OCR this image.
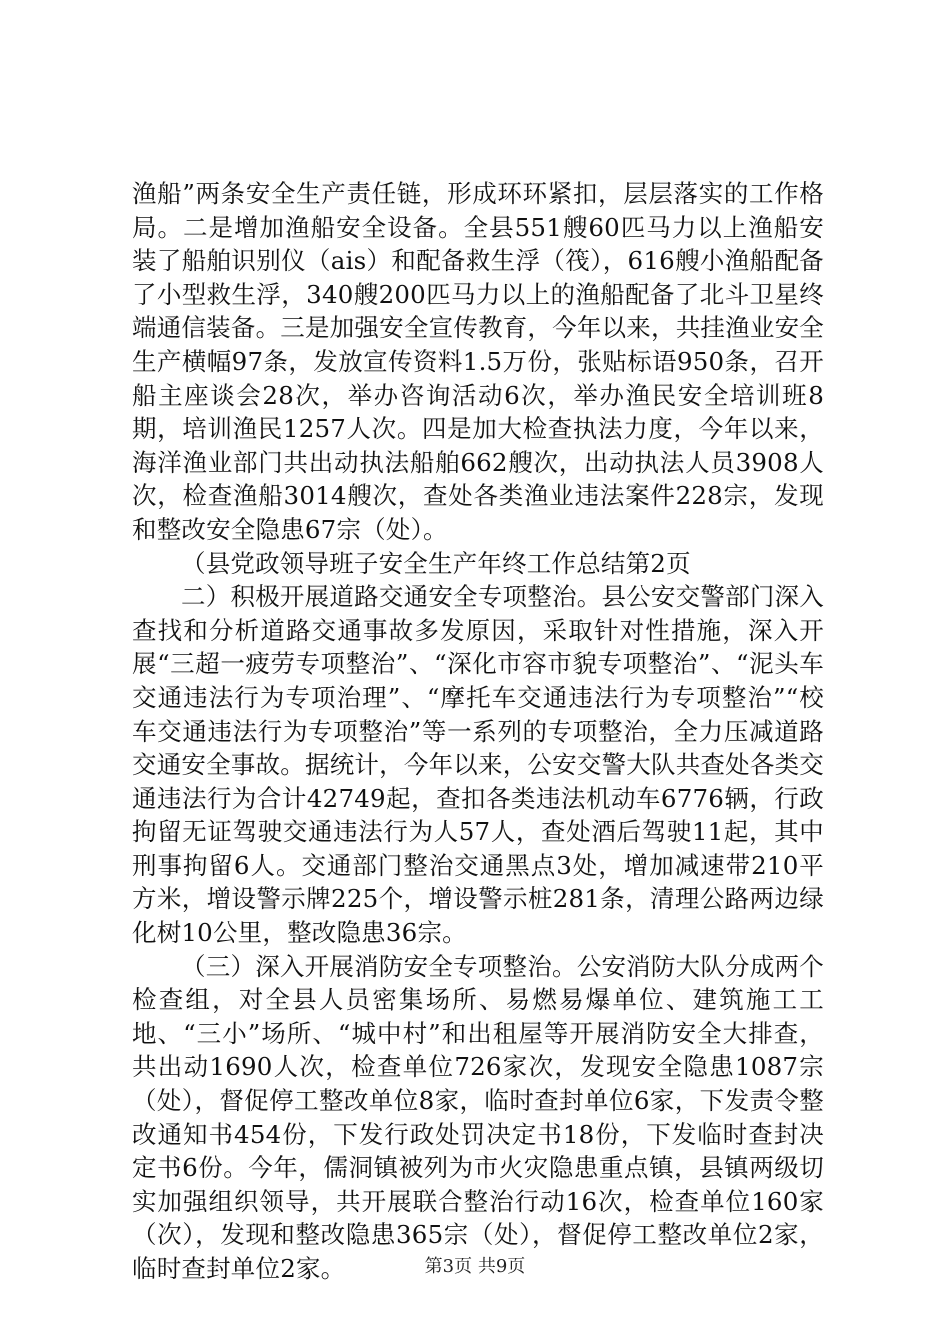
渔船”两条安全生产责任链，形成环环紧扣，层层落实的工作格局。二是增加渔船安全设备。全县551艘60匹马力以上渔船安装了船舶识别仪（ais）和配备救生浮（筏），616艘小渔船配备了小型救生浮，340艘200匹马力以上的渔船配备了北斗卫星终端通信装备。三是加强安全宣传教育，今年以来，共挂渔业安全生产横幅97条，发放宣传资料1.5万份，张贴标语950条，召开船主座谈会28次，举办咨询活动6次，举办渔民安全培训班8期，培训渔民1257人次。四是加大检查执法力度，今年以来，海洋渔业部门共出动执法船舶662艘次，出动执法人员3908人次，检查渔船3014艘次，查处各类渔业违法案件228宗，发现和整改安全隐患67宗（处）。

（县党政领导班子安全生产年终工作总结第2页

二）积极开展道路交通安全专项整治。县公安交警部门深入查找和分析道路交通事故多发原因，采取针对性措施，深入开展“三超一疲劳专项整治”、“深化市容市貌专项整治”、“泥头车交通违法行为专项治理”、“摩托车交通违法行为专项整治”“校车交通违法行为专项整治”等一系列的专项整治，全力压减道路交通安全事故。据统计，今年以来，公安交警大队共查处各类交通违法行为合计42749起，查扣各类违法机动车6776辆，行政拘留无证驾驶交通违法行为人57人，查处酒后驾驶11起，其中刑事拘留6人。交通部门整治交通黑点3处，增加减速带210平方米，增设警示牌225个，增设警示桩281条，清理公路两边绿化树10公里，整改隐患36宗。

（三）深入开展消防安全专项整治。公安消防大队分成两个检查组，对全县人员密集场所、易燃易爆单位、建筑施工工地、“三小”场所、“城中村”和出租屋等开展消防安全大排查，共出动1690人次，检查单位726家次，发现安全隐患1087宗（处），督促停工整改单位8家，临时查封单位6家，下发责令整改通知书454份，下发行政处罚决定书18份，下发临时查封决定书6份。今年，儒洞镇被列为市火灾隐患重点镇，县镇两级切实加强组织领导，共开展联合整治行动16次，检查单位160家（次），发现和整改隐患365宗（处），督促停工整改单位2家，临时查封单位2家。	第3页 共9页
